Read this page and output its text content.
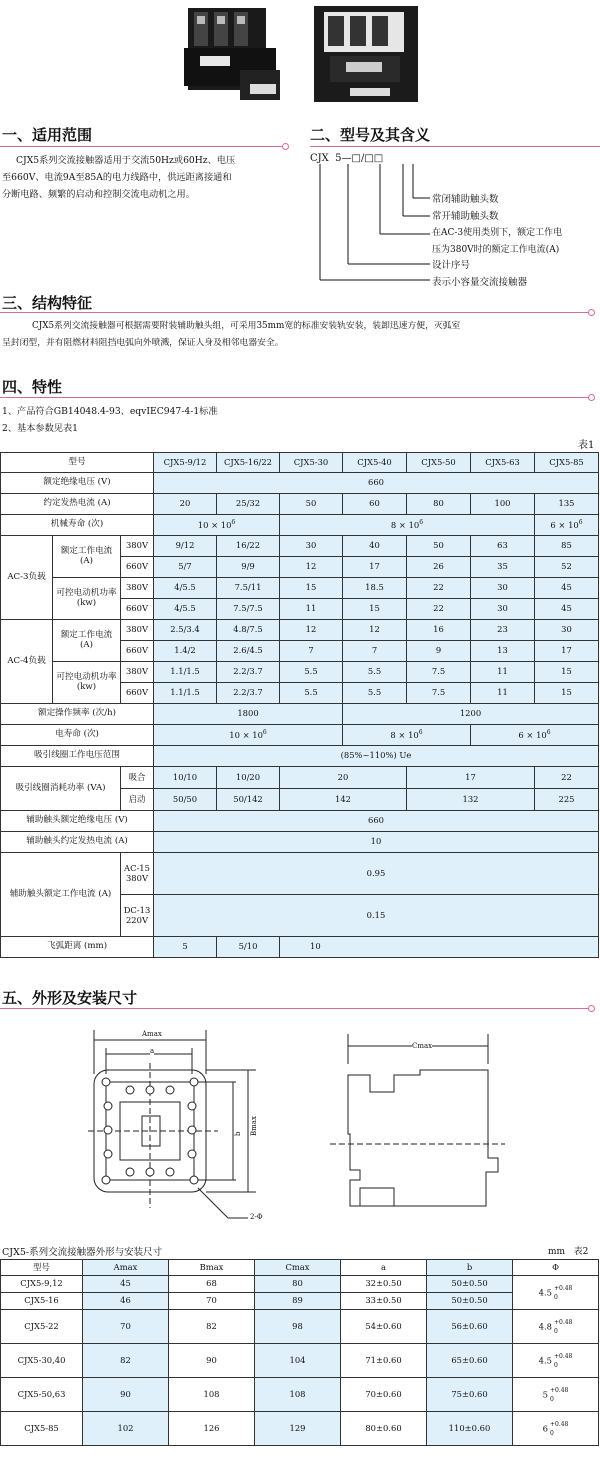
一、适用范围
CJX5系列交流接触器适用于交流50Hz或60Hz、电压
至660V、电流9A至85A的电力线路中，供远距离接通和
分断电路、频繁的启动和控制交流电动机之用。
二、型号及其含义
CJX  5—□/□□
常闭辅助触头数
常开辅助触头数
在AC-3使用类别下，额定工作电
压为380V时的额定工作电流(A)
设计序号
表示小容量交流接触器
三、结构特征
CJX5系列交流接触器可根据需要附装辅助触头组，可采用35mm宽的标准安装轨安装，装卸迅速方便，灭弧室
呈封闭型，并有阻燃材料阻挡电弧向外喷溅，保证人身及相邻电器安全。
四、特性
1、产品符合GB14048.4-93、eqvIEC947-4-1标准
2、基本参数见表1
表1
型号			CJX5-9/12	CJX5-16/22	CJX5-30	CJX5-40	CJX5-50	CJX5-63	CJX5-85
额定绝缘电压 (V)			660						
约定发热电流 (A)			20	25/32	50	60	80	100	135
机械寿命 (次)			$10 \times 10^6$		$8 \times 10^6$				$6 \times 10^6$
AC-3负载	额定工作电流 (A)	380V	9/12	16/22	30	40	50	63	85
		660V	5/7	9/9	12	17	26	35	52
	可控电动机功率 (kw)	380V	4/5.5	7.5/11	15	18.5	22	30	45
		660V	4/5.5	7.5/7.5	11	15	22	30	45
AC-4负载	额定工作电流 (A)	380V	2.5/3.4	4.8/7.5	12	12	16	23	30
		660V	1.4/2	2.6/4.5	7	7	9	13	17
	可控电动机功率 (kw)	380V	1.1/1.5	2.2/3.7	5.5	5.5	7.5	11	15
		660V	1.1/1.5	2.2/3.7	5.5	5.5	7.5	11	15
额定操作频率 (次/h)			1800			1200			
电寿命 (次)			$10 \times 10^6$			$8 \times 10^6$		$6 \times 10^6$
吸引线圈工作电压范围			(85%~110%) Ue						
吸引线圈消耗功率 (VA)		吸合	10/10	10/20	20		17		22
		启动	50/50	50/142	142		132		225
辅助触头额定绝缘电压 (V)			660						
辅助触头约定发热电流 (A)			10						
辅助触头额定工作电流 (A)		AC-15 380V	0.95						
		DC-13 220V	0.15						
飞弧距离 (mm)			5	5/10	10				
五、外形及安装尺寸
Amax
a
Bmax
b
2-Φ
Cmax
CJX5-系列交流接触器外形与安装尺寸	mm   表2
型号	Amax	Bmax	Cmax	a	b	Φ
CJX5-9,12	45	68	80	32±0.50	50±0.50	4.5 +0.48
0

CJX5-16	46	70	89	33±0.50	50±0.50	
CJX5-22	70	82	98	54±0.60	56±0.60	4.8 +0.48
0

CJX5-30,40	82	90	104	71±0.60	65±0.60	4.5 +0.48
0

CJX5-50,63	90	108	108	70±0.60	75±0.60	5 +0.48
0

CJX5-85	102	126	129	80±0.60	110±0.60	6 +0.48
0
